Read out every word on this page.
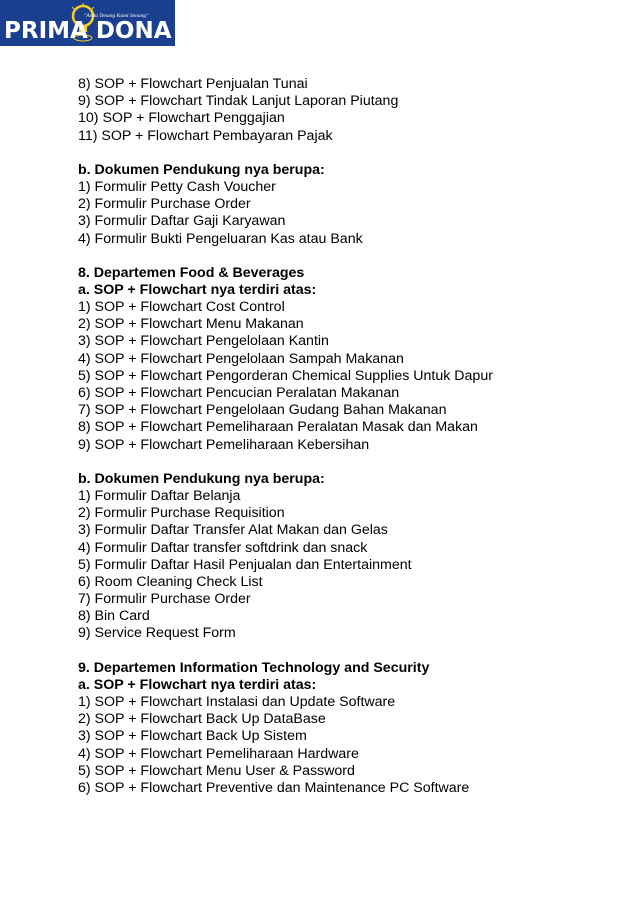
"Anda Tenang Kami Senang"
PRIMA DONA
8) SOP + Flowchart Penjualan Tunai
9) SOP + Flowchart Tindak Lanjut Laporan Piutang
10) SOP + Flowchart Penggajian
11) SOP + Flowchart Pembayaran Pajak
b. Dokumen Pendukung nya berupa:
1) Formulir Petty Cash Voucher
2) Formulir Purchase Order
3) Formulir Daftar Gaji Karyawan
4) Formulir Bukti Pengeluaran Kas atau Bank
8. Departemen Food & Beverages
a. SOP + Flowchart nya terdiri atas:
1) SOP + Flowchart Cost Control
2) SOP + Flowchart Menu Makanan
3) SOP + Flowchart Pengelolaan Kantin
4) SOP + Flowchart Pengelolaan Sampah Makanan
5) SOP + Flowchart Pengorderan Chemical Supplies Untuk Dapur
6) SOP + Flowchart Pencucian Peralatan Makanan
7) SOP + Flowchart Pengelolaan Gudang Bahan Makanan
8) SOP + Flowchart Pemeliharaan Peralatan Masak dan Makan
9) SOP + Flowchart Pemeliharaan Kebersihan
b. Dokumen Pendukung nya berupa:
1) Formulir Daftar Belanja
2) Formulir Purchase Requisition
3) Formulir Daftar Transfer Alat Makan dan Gelas
4) Formulir Daftar transfer softdrink dan snack
5) Formulir Daftar Hasil Penjualan dan Entertainment
6) Room Cleaning Check List
7) Formulir Purchase Order
8) Bin Card
9) Service Request Form
9. Departemen Information Technology and Security
a. SOP + Flowchart nya terdiri atas:
1) SOP + Flowchart Instalasi dan Update Software
2) SOP + Flowchart Back Up DataBase
3) SOP + Flowchart Back Up Sistem
4) SOP + Flowchart Pemeliharaan Hardware
5) SOP + Flowchart Menu User & Password
6) SOP + Flowchart Preventive dan Maintenance PC Software
